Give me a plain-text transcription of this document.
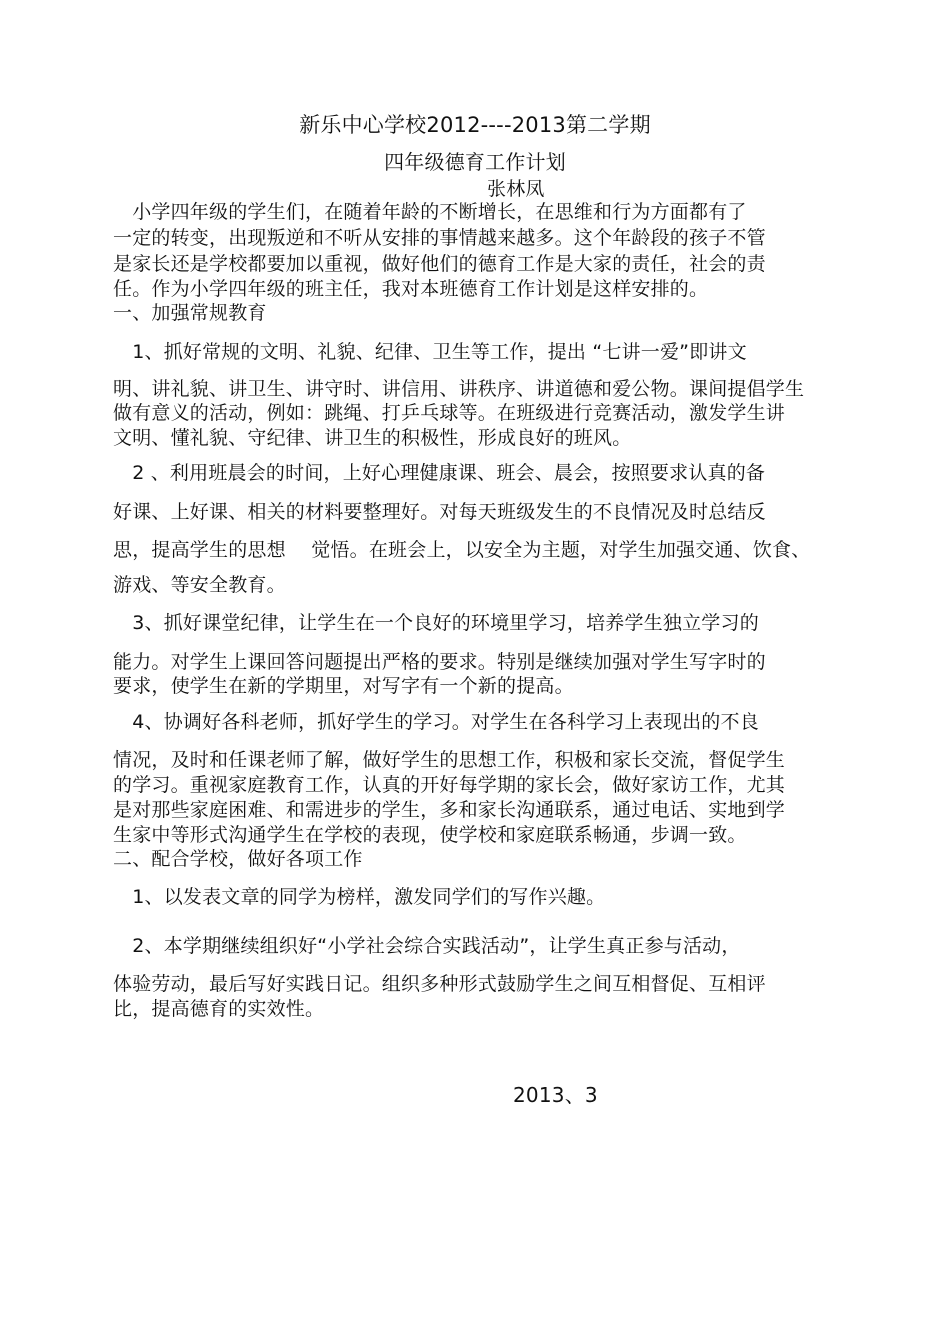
新乐中心学校2012----2013第二学期
四年级德育工作计划
张林凤
　小学四年级的学生们，在随着年龄的不断增长，在思维和行为方面都有了
一定的转变，出现叛逆和不听从安排的事情越来越多。这个年龄段的孩子不管
是家长还是学校都要加以重视，做好他们的德育工作是大家的责任，社会的责
任。作为小学四年级的班主任，我对本班德育工作计划是这样安排的。
一、加强常规教育
　1、抓好常规的文明、礼貌、纪律、卫生等工作，提出 “七讲一爱”即讲文
明、讲礼貌、讲卫生、讲守时、讲信用、讲秩序、讲道德和爱公物。课间提倡学生
做有意义的活动，例如：跳绳、打乒乓球等。在班级进行竞赛活动，激发学生讲
文明、懂礼貌、守纪律、讲卫生的积极性，形成良好的班风。
　2 、利用班晨会的时间，上好心理健康课、班会、晨会，按照要求认真的备
好课、上好课、相关的材料要整理好。对每天班级发生的不良情况及时总结反
思，提高学生的思想　 觉悟。在班会上，以安全为主题，对学生加强交通、饮食、
游戏、等安全教育。
　3、抓好课堂纪律，让学生在一个良好的环境里学习，培养学生独立学习的
能力。对学生上课回答问题提出严格的要求。特别是继续加强对学生写字时的
要求，使学生在新的学期里，对写字有一个新的提高。
　4、协调好各科老师，抓好学生的学习。对学生在各科学习上表现出的不良
情况，及时和任课老师了解，做好学生的思想工作，积极和家长交流，督促学生
的学习。重视家庭教育工作，认真的开好每学期的家长会，做好家访工作，尤其
是对那些家庭困难、和需进步的学生，多和家长沟通联系，通过电话、实地到学
生家中等形式沟通学生在学校的表现，使学校和家庭联系畅通，步调一致。
二、配合学校，做好各项工作
　1、以发表文章的同学为榜样，激发同学们的写作兴趣。
　2、本学期继续组织好“小学社会综合实践活动”，让学生真正参与活动，
体验劳动，最后写好实践日记。组织多种形式鼓励学生之间互相督促、互相评
比，提高德育的实效性。
2013、3
